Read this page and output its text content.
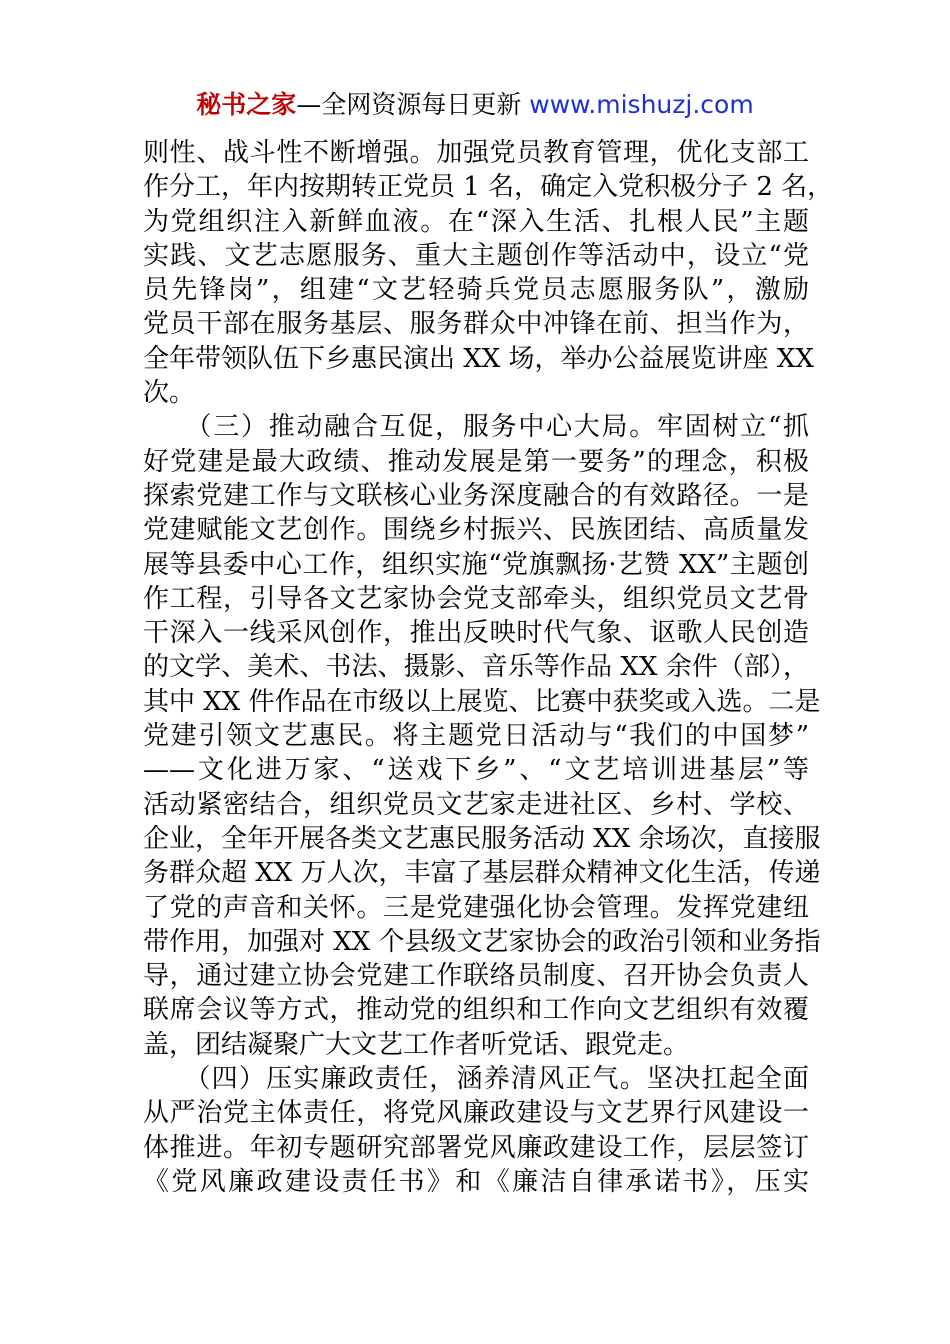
秘书之家—全网资源每日更新 www.mishuzj.com
则性、战斗性不断增强。加强党员教育管理，优化支部工
作分工，年内按期转正党员 1 名，确定入党积极分子 2 名，
为党组织注入新鲜血液。在“深入生活、扎根人民”主题
实践、文艺志愿服务、重大主题创作等活动中，设立“党
员先锋岗”，组建“文艺轻骑兵党员志愿服务队”，激励
党员干部在服务基层、服务群众中冲锋在前、担当作为，
全年带领队伍下乡惠民演出 XX 场，举办公益展览讲座 XX
次。
　　（三）推动融合互促，服务中心大局。牢固树立“抓
好党建是最大政绩、推动发展是第一要务”的理念，积极
探索党建工作与文联核心业务深度融合的有效路径。一是
党建赋能文艺创作。围绕乡村振兴、民族团结、高质量发
展等县委中心工作，组织实施“党旗飘扬·艺赞 XX”主题创
作工程，引导各文艺家协会党支部牵头，组织党员文艺骨
干深入一线采风创作，推出反映时代气象、讴歌人民创造
的文学、美术、书法、摄影、音乐等作品 XX 余件（部），
其中 XX 件作品在市级以上展览、比赛中获奖或入选。二是
党建引领文艺惠民。将主题党日活动与“我们的中国梦”
——文化进万家、“送戏下乡”、“文艺培训进基层”等
活动紧密结合，组织党员文艺家走进社区、乡村、学校、
企业，全年开展各类文艺惠民服务活动 XX 余场次，直接服
务群众超 XX 万人次，丰富了基层群众精神文化生活，传递
了党的声音和关怀。三是党建强化协会管理。发挥党建纽
带作用，加强对 XX 个县级文艺家协会的政治引领和业务指
导，通过建立协会党建工作联络员制度、召开协会负责人
联席会议等方式，推动党的组织和工作向文艺组织有效覆
盖，团结凝聚广大文艺工作者听党话、跟党走。
　　（四）压实廉政责任，涵养清风正气。坚决扛起全面
从严治党主体责任，将党风廉政建设与文艺界行风建设一
体推进。年初专题研究部署党风廉政建设工作，层层签订
《党风廉政建设责任书》和《廉洁自律承诺书》，压实
